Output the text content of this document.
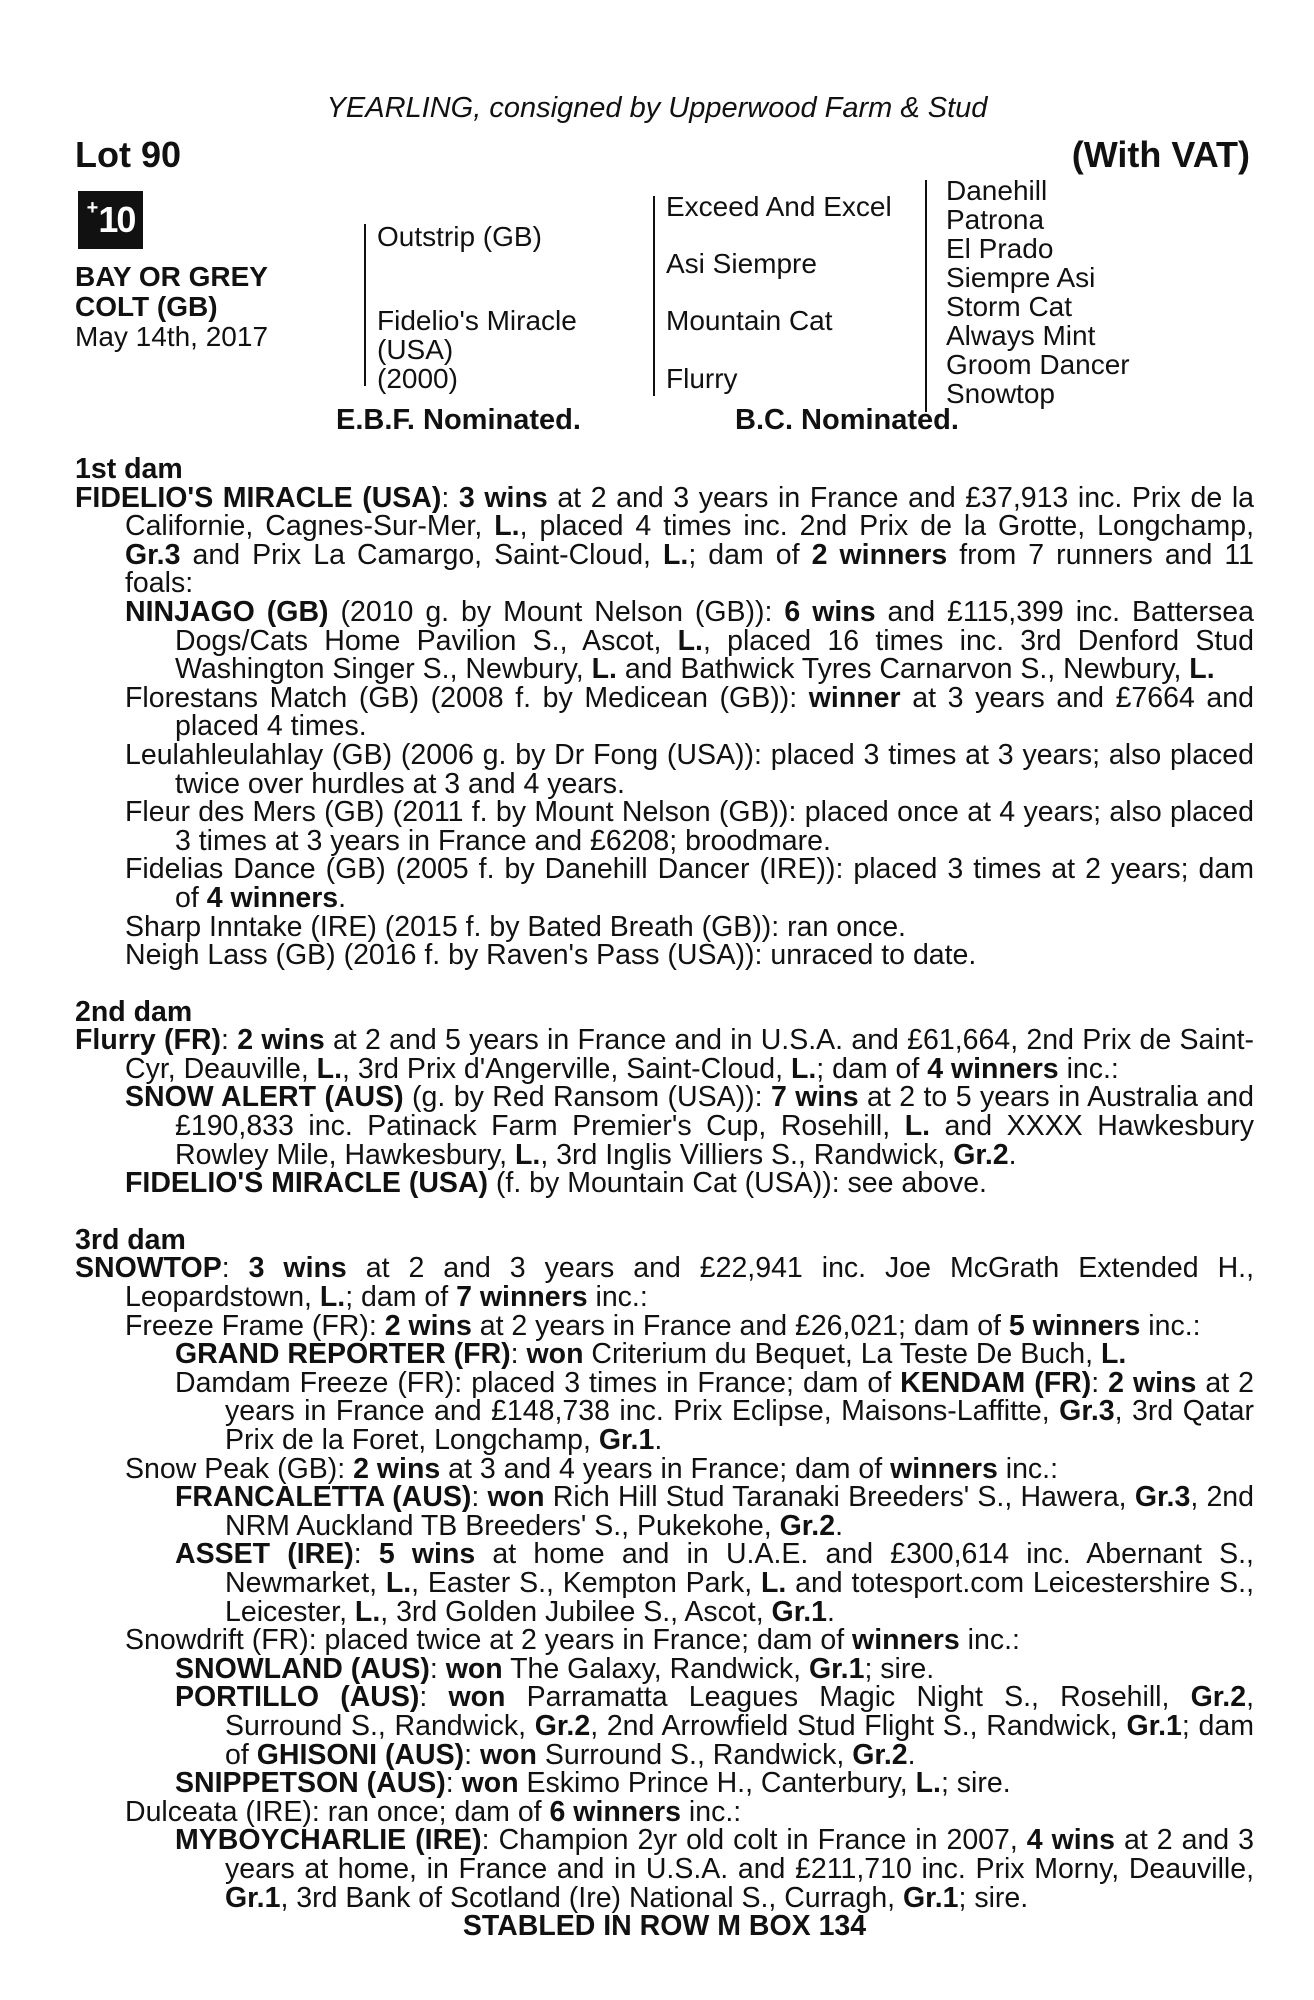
YEARLING, consigned by Upperwood Farm & Stud
Lot 90	(With VAT)
+ 10
BAY OR GREY
COLT (GB)
May 14th, 2017
Outstrip (GB)
Fidelio's Miracle
(USA)
(2000)
Exceed And Excel
Asi Siempre
Mountain Cat
Flurry
Danehill
Patrona
El Prado
Siempre Asi
Storm Cat
Always Mint
Groom Dancer
Snowtop
E.B.F. Nominated.	B.C. Nominated.

1st dam

FIDELIO'S MIRACLE (USA): 3 wins at 2 and 3 years in France and £37,913 inc. Prix de la Californie, Cagnes-Sur-Mer, L., placed 4 times inc. 2nd Prix de la Grotte, Longchamp, Gr.3 and Prix La Camargo, Saint-Cloud, L.; dam of 2 winners from 7 runners and 11 foals:

NINJAGO (GB) (2010 g. by Mount Nelson (GB)): 6 wins and £115,399 inc. Battersea Dogs/Cats Home Pavilion S., Ascot, L., placed 16 times inc. 3rd Denford Stud Washington Singer S., Newbury, L. and Bathwick Tyres Carnarvon S., Newbury, L.

Florestans Match (GB) (2008 f. by Medicean (GB)): winner at 3 years and £7664 and placed 4 times.

Leulahleulahlay (GB) (2006 g. by Dr Fong (USA)): placed 3 times at 3 years; also placed twice over hurdles at 3 and 4 years.

Fleur des Mers (GB) (2011 f. by Mount Nelson (GB)): placed once at 4 years; also placed 3 times at 3 years in France and £6208; broodmare.

Fidelias Dance (GB) (2005 f. by Danehill Dancer (IRE)): placed 3 times at 2 years; dam of 4 winners.

Sharp Inntake (IRE) (2015 f. by Bated Breath (GB)): ran once.

Neigh Lass (GB) (2016 f. by Raven's Pass (USA)): unraced to date.

2nd dam

Flurry (FR): 2 wins at 2 and 5 years in France and in U.S.A. and £61,664, 2nd Prix de Saint-Cyr, Deauville, L., 3rd Prix d'Angerville, Saint-Cloud, L.; dam of 4 winners inc.:

SNOW ALERT (AUS) (g. by Red Ransom (USA)): 7 wins at 2 to 5 years in Australia and £190,833 inc. Patinack Farm Premier's Cup, Rosehill, L. and XXXX Hawkesbury Rowley Mile, Hawkesbury, L., 3rd Inglis Villiers S., Randwick, Gr.2.

FIDELIO'S MIRACLE (USA) (f. by Mountain Cat (USA)): see above.

3rd dam

SNOWTOP: 3 wins at 2 and 3 years and £22,941 inc. Joe McGrath Extended H., Leopardstown, L.; dam of 7 winners inc.:

Freeze Frame (FR): 2 wins at 2 years in France and £26,021; dam of 5 winners inc.:

GRAND REPORTER (FR): won Criterium du Bequet, La Teste De Buch, L.

Damdam Freeze (FR): placed 3 times in France; dam of KENDAM (FR): 2 wins at 2 years in France and £148,738 inc. Prix Eclipse, Maisons-Laffitte, Gr.3, 3rd Qatar Prix de la Foret, Longchamp, Gr.1.

Snow Peak (GB): 2 wins at 3 and 4 years in France; dam of winners inc.:

FRANCALETTA (AUS): won Rich Hill Stud Taranaki Breeders' S., Hawera, Gr.3, 2nd NRM Auckland TB Breeders' S., Pukekohe, Gr.2.

ASSET (IRE): 5 wins at home and in U.A.E. and £300,614 inc. Abernant S., Newmarket, L., Easter S., Kempton Park, L. and totesport.com Leicestershire S., Leicester, L., 3rd Golden Jubilee S., Ascot, Gr.1.

Snowdrift (FR): placed twice at 2 years in France; dam of winners inc.:

SNOWLAND (AUS): won The Galaxy, Randwick, Gr.1; sire.

PORTILLO (AUS): won Parramatta Leagues Magic Night S., Rosehill, Gr.2, Surround S., Randwick, Gr.2, 2nd Arrowfield Stud Flight S., Randwick, Gr.1; dam of GHISONI (AUS): won Surround S., Randwick, Gr.2.

SNIPPETSON (AUS): won Eskimo Prince H., Canterbury, L.; sire.

Dulceata (IRE): ran once; dam of 6 winners inc.:

MYBOYCHARLIE (IRE): Champion 2yr old colt in France in 2007, 4 wins at 2 and 3 years at home, in France and in U.S.A. and £211,710 inc. Prix Morny, Deauville, Gr.1, 3rd Bank of Scotland (Ire) National S., Curragh, Gr.1; sire.

STABLED IN ROW M BOX 134
